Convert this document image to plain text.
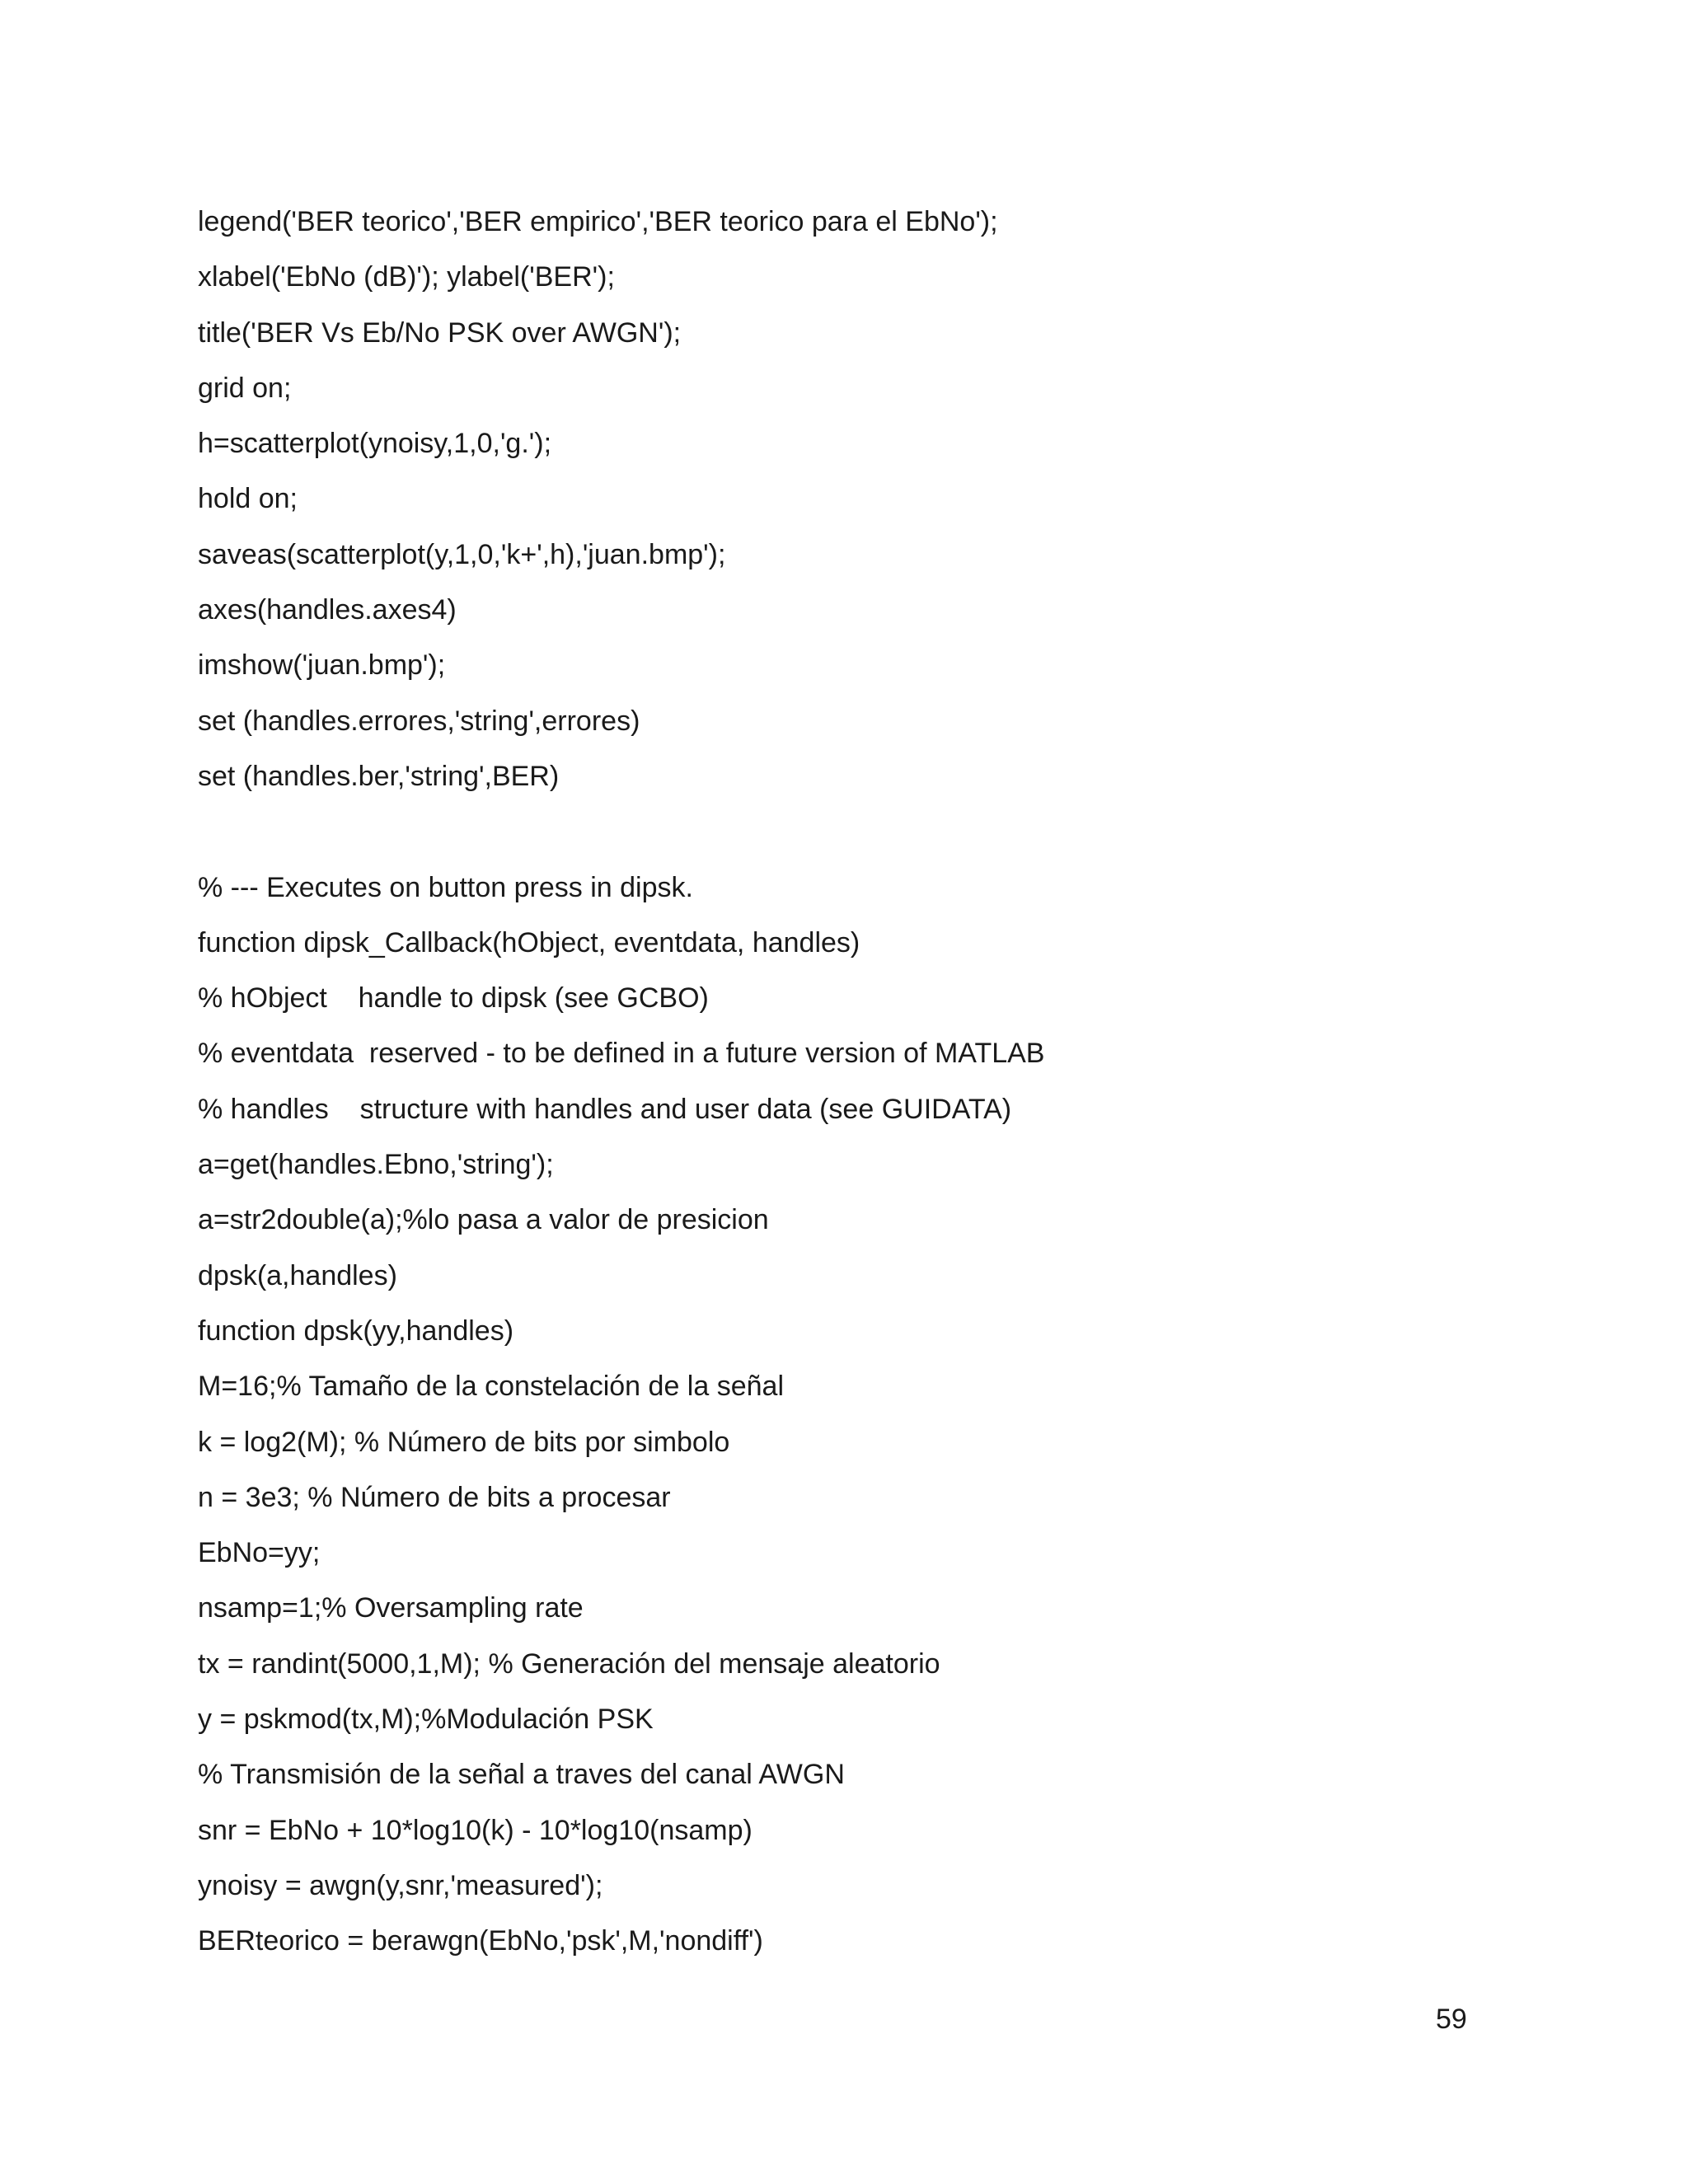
legend('BER teorico','BER empirico','BER teorico para el EbNo');
xlabel('EbNo (dB)'); ylabel('BER');
title('BER Vs Eb/No PSK over AWGN');
grid on;
h=scatterplot(ynoisy,1,0,'g.');
hold on;
saveas(scatterplot(y,1,0,'k+',h),'juan.bmp');
axes(handles.axes4)
imshow('juan.bmp');
set (handles.errores,'string',errores)
set (handles.ber,'string',BER)
% --- Executes on button press in dipsk.
function dipsk_Callback(hObject, eventdata, handles)
% hObject    handle to dipsk (see GCBO)
% eventdata  reserved - to be defined in a future version of MATLAB
% handles    structure with handles and user data (see GUIDATA)
a=get(handles.Ebno,'string');
a=str2double(a);%lo pasa a valor de presicion
dpsk(a,handles)
function dpsk(yy,handles)
M=16;% Tamaño de la constelación de la señal
k = log2(M); % Número de bits por simbolo
n = 3e3; % Número de bits a procesar
EbNo=yy;
nsamp=1;% Oversampling rate
tx = randint(5000,1,M); % Generación del mensaje aleatorio
y = pskmod(tx,M);%Modulación PSK
% Transmisión de la señal a traves del canal AWGN
snr = EbNo + 10*log10(k) - 10*log10(nsamp)
ynoisy = awgn(y,snr,'measured');
BERteorico = berawgn(EbNo,'psk',M,'nondiff')
59
